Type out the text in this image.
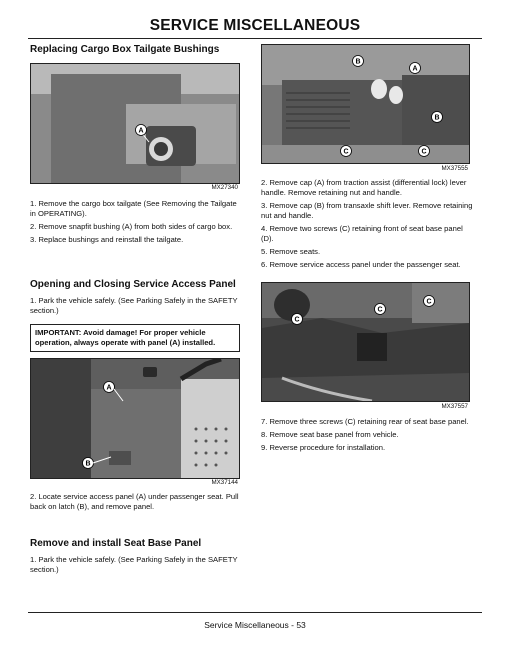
SERVICE MISCELLANEOUS

Replacing Cargo Box Tailgate Bushings

A
MX27340

1. Remove the cargo box tailgate (See Removing the Tailgate in OPERATING).

2. Remove snapfit bushing (A) from both sides of cargo box.

3. Replace bushings and reinstall the tailgate.

Opening and Closing Service Access Panel

1. Park the vehicle safely. (See Parking Safely in the SAFETY section.)

IMPORTANT: Avoid damage! For proper vehicle operation, always operate with panel (A) installed.
A
B
MX37144

2. Locate service access panel (A) under passenger seat. Pull back on latch (B), and remove panel.

Remove and install Seat Base Panel

1. Park the vehicle safely. (See Parking Safely in the SAFETY section.)

B
A
B
C	C
MX37555

2. Remove cap (A) from traction assist (differential lock) lever handle. Remove retaining nut and handle.

3. Remove cap (B) from transaxle shift lever. Remove retaining nut and handle.

4. Remove two screws (C) retaining front of seat base panel (D).

5. Remove seats.

6. Remove service access panel under the passenger seat.

C
C
C
MX37557

7. Remove three screws (C) retaining rear of seat base panel.

8. Remove seat base panel from vehicle.

9. Reverse procedure for installation.

Service Miscellaneous - 53
